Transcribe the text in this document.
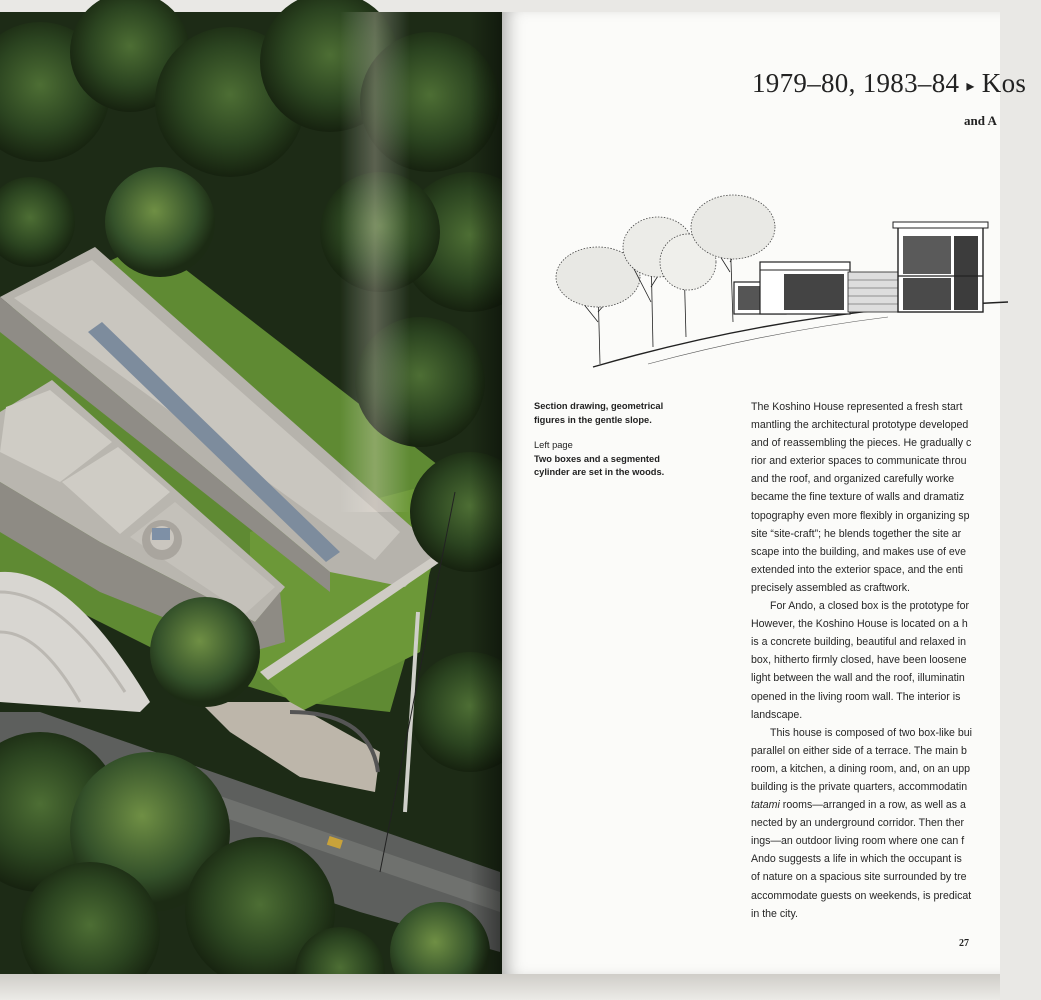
1979–80, 1983–84 ▸ Kos
and A
Section drawing, geometrical figures in the gentle slope.
Left page
Two boxes and a segmented cylinder are set in the woods.

The Koshino House represented a fresh start

mantling the architectural prototype developed

and of reassembling the pieces. He gradually c

rior and exterior spaces to communicate throu

and the roof, and organized carefully worke

became the fine texture of walls and dramatiz

topography even more flexibly in organizing sp

site “site-craft”; he blends together the site ar

scape into the building, and makes use of eve

extended into the exterior space, and the enti

precisely assembled as craftwork.

For Ando, a closed box is the prototype for

However, the Koshino House is located on a h

is a concrete building, beautiful and relaxed in

box, hitherto firmly closed, have been loosene

light between the wall and the roof, illuminatin

opened in the living room wall. The interior is

landscape.

This house is composed of two box-like bui

parallel on either side of a terrace. The main b

room, a kitchen, a dining room, and, on an upp

building is the private quarters, accommodatin

tatami rooms—arranged in a row, as well as a

nected by an underground corridor. Then ther

ings—an outdoor living room where one can f

Ando suggests a life in which the occupant is

of nature on a spacious site surrounded by tre

accommodate guests on weekends, is predicat

in the city.

27
